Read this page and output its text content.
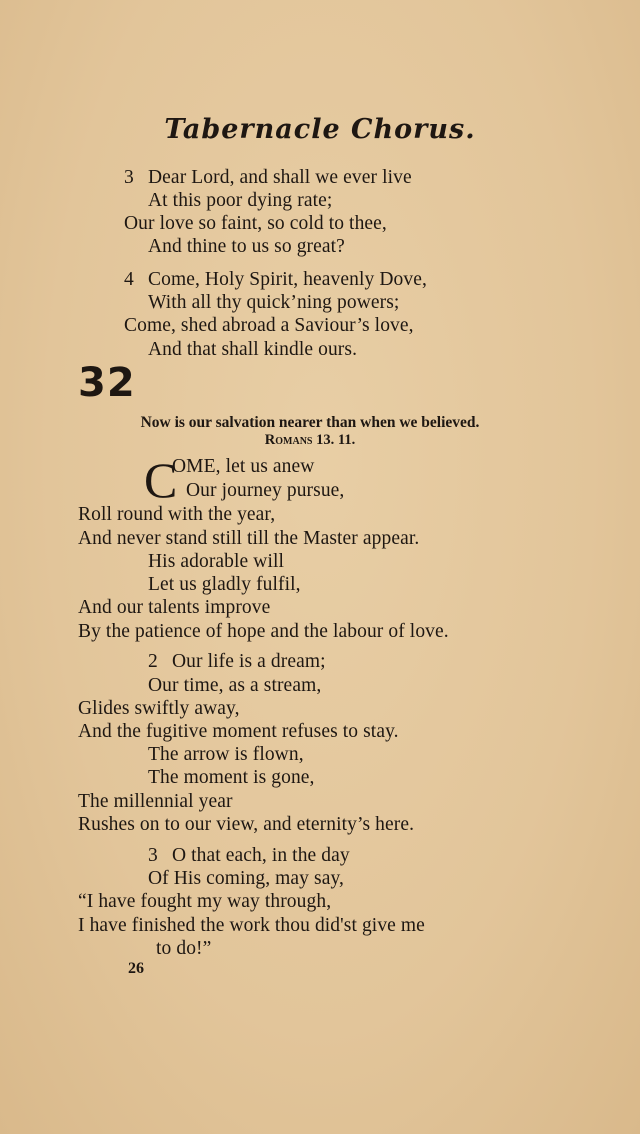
Tabernacle Chorus.
3 Dear Lord, and shall we ever live
At this poor dying rate;
Our love so faint, so cold to thee,
And thine to us so great?
4 Come, Holy Spirit, heavenly Dove,
With all thy quick’ning powers;
Come, shed abroad a Saviour’s love,
And that shall kindle ours.
32
Now is our salvation nearer than when we believed.
Romans 13. 11.
C
OME, let us anew
Our journey pursue,
Roll round with the year,
And never stand still till the Master appear.
His adorable will
Let us gladly fulfil,
And our talents improve
By the patience of hope and the labour of love.
2 Our life is a dream;
Our time, as a stream,
Glides swiftly away,
And the fugitive moment refuses to stay.
The arrow is flown,
The moment is gone,
The millennial year
Rushes on to our view, and eternity’s here.
3 O that each, in the day
Of His coming, may say,
“I have fought my way through,
I have finished the work thou did'st give me
to do!”
26
